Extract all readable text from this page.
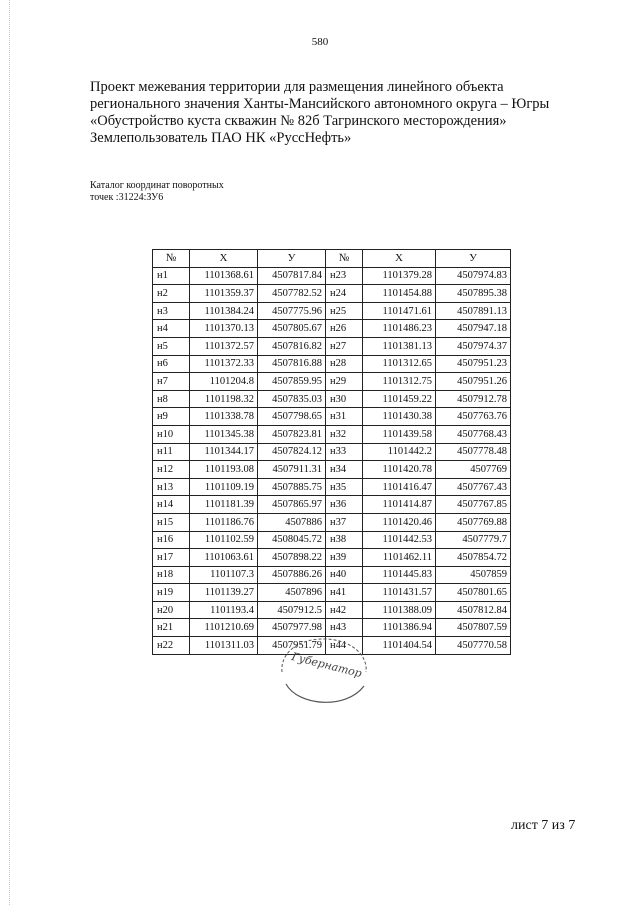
580
Проект межевания территории для размещения линейного объекта
регионального значения Ханты-Мансийского автономного округа – Югры
«Обустройство куста скважин № 82б Тагринского месторождения»
Землепользователь ПАО НК «РуссНефть»
Каталог координат поворотных
точек :31224:ЗУ6
№	X	У	№	X	У
н1	1101368.61	4507817.84	н23	1101379.28	4507974.83
н2	1101359.37	4507782.52	н24	1101454.88	4507895.38
н3	1101384.24	4507775.96	н25	1101471.61	4507891.13
н4	1101370.13	4507805.67	н26	1101486.23	4507947.18
н5	1101372.57	4507816.82	н27	1101381.13	4507974.37
н6	1101372.33	4507816.88	н28	1101312.65	4507951.23
н7	1101204.8	4507859.95	н29	1101312.75	4507951.26
н8	1101198.32	4507835.03	н30	1101459.22	4507912.78
н9	1101338.78	4507798.65	н31	1101430.38	4507763.76
н10	1101345.38	4507823.81	н32	1101439.58	4507768.43
н11	1101344.17	4507824.12	н33	1101442.2	4507778.48
н12	1101193.08	4507911.31	н34	1101420.78	4507769
н13	1101109.19	4507885.75	н35	1101416.47	4507767.43
н14	1101181.39	4507865.97	н36	1101414.87	4507767.85
н15	1101186.76	4507886	н37	1101420.46	4507769.88
н16	1101102.59	4508045.72	н38	1101442.53	4507779.7
н17	1101063.61	4507898.22	н39	1101462.11	4507854.72
н18	1101107.3	4507886.26	н40	1101445.83	4507859
н19	1101139.27	4507896	н41	1101431.57	4507801.65
н20	1101193.4	4507912.5	н42	1101388.09	4507812.84
н21	1101210.69	4507977.98	н43	1101386.94	4507807.59
н22	1101311.03	4507951.79	н44	1101404.54	4507770.58
Губернатор
лист 7 из 7
